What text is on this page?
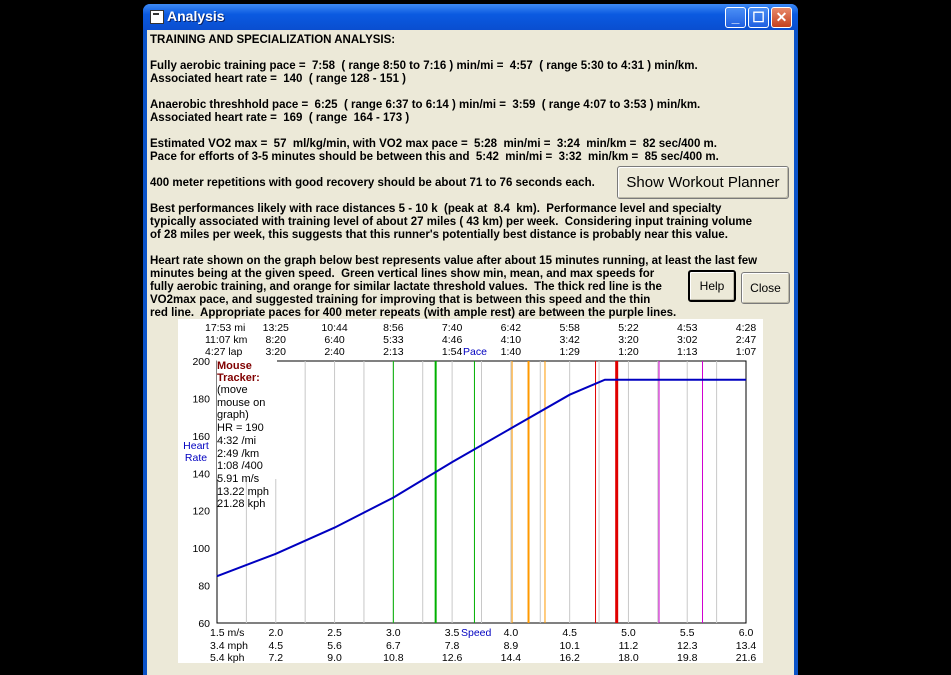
Analysis	_ ☐ ✕
TRAINING AND SPECIALIZATION ANALYSIS:
Fully aerobic training pace =  7:58  ( range 8:50 to 7:16 ) min/mi =  4:57  ( range 5:30 to 4:31 ) min/km.
Associated heart rate =  140  ( range 128 - 151 )
Anaerobic threshhold pace =  6:25  ( range 6:37 to 6:14 ) min/mi =  3:59  ( range 4:07 to 3:53 ) min/km.
Associated heart rate =  169  ( range  164 - 173 )
Estimated VO2 max =  57  ml/kg/min, with VO2 max pace =  5:28  min/mi =  3:24  min/km =  82 sec/400 m.
Pace for efforts of 3-5 minutes should be between this and  5:42  min/mi =  3:32  min/km =  85 sec/400 m.
400 meter repetitions with good recovery should be about 71 to 76 seconds each.	Show Workout Planner
Best performances likely with race distances 5 - 10 k  (peak at  8.4  km).  Performance level and specialty
typically associated with training level of about 27 miles ( 43 km) per week.  Considering input training volume
of 28 miles per week, this suggests that this runner's potentially best distance is probably near this value.
Heart rate shown on the graph below best represents value after about 15 minutes running, at least the last few
minutes being at the given speed.  Green vertical lines show min, mean, and max speeds for
fully aerobic training, and orange for similar lactate threshold values.  The thick red line is the
VO2max pace, and suggested training for improving that is between this speed and the thin
red line.  Appropriate paces for 400 meter repeats (with ample rest) are between the purple lines.
Help	Close
60
80
100
120
140
160
180
200
Heart
Rate
17:53 mi 13:25	10:44	8:56	7:40	6:42	5:58	5:22	4:53	4:28
11:07 km 8:20	6:40	5:33	4:46	4:10	3:42	3:20	3:02	2:47
4:27 lap 3:20	2:40	2:13	1:54	1:40	1:29	1:20	1:13	1:07
Pace
1.5 m/s 2.0	2.5	3.0	3.5	4.0	4.5	5.0	5.5	6.0
3.4 mph 4.5	5.6	6.7	7.8	8.9	10.1	11.2	12.3	13.4
5.4 kph 7.2	9.0	10.8	12.6	14.4	16.2	18.0	19.8	21.6
Speed
Mouse Tracker:
(move mouse on graph)
HR = 190
4:32 /mi
2:49 /km
1:08 /400
5.91 m/s
13.22 mph
21.28 kph
